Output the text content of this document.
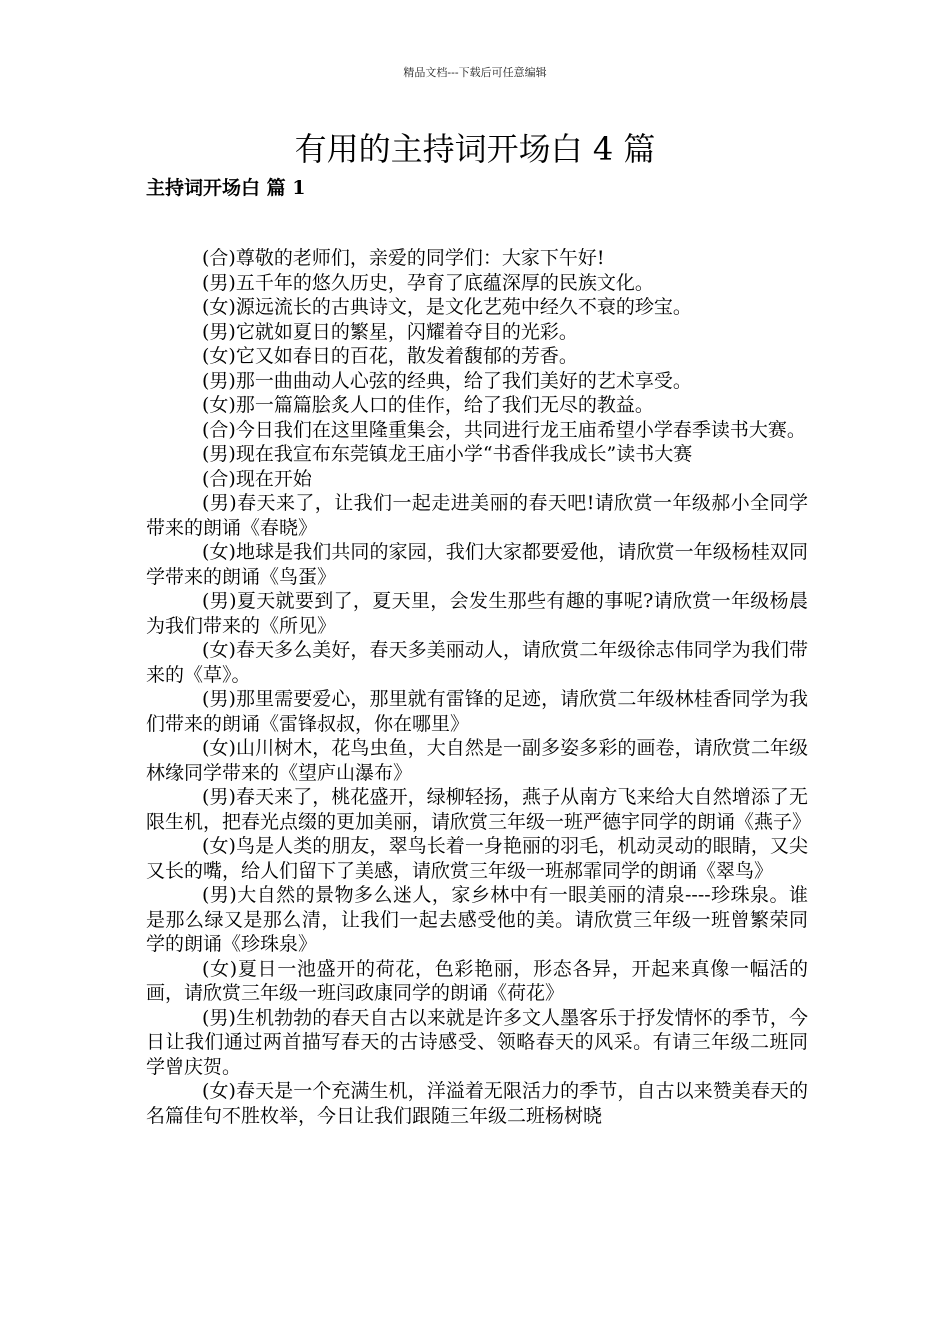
精品文档---下载后可任意编辑
有用的主持词开场白 4 篇
主持词开场白 篇 1

(合)尊敬的老师们，亲爱的同学们：大家下午好!

(男)五千年的悠久历史，孕育了底蕴深厚的民族文化。

(女)源远流长的古典诗文，是文化艺苑中经久不衰的珍宝。

(男)它就如夏日的繁星，闪耀着夺目的光彩。

(女)它又如春日的百花，散发着馥郁的芳香。

(男)那一曲曲动人心弦的经典，给了我们美好的艺术享受。

(女)那一篇篇脍炙人口的佳作，给了我们无尽的教益。

(合)今日我们在这里隆重集会，共同进行龙王庙希望小学春季读书大赛。

(男)现在我宣布东莞镇龙王庙小学“书香伴我成长”读书大赛

(合)现在开始

(男)春天来了，让我们一起走进美丽的春天吧!请欣赏一年级郝小全同学带来的朗诵《春晓》

(女)地球是我们共同的家园，我们大家都要爱他，请欣赏一年级杨桂双同学带来的朗诵《鸟蛋》

(男)夏天就要到了，夏天里，会发生那些有趣的事呢?请欣赏一年级杨晨为我们带来的《所见》

(女)春天多么美好，春天多美丽动人，请欣赏二年级徐志伟同学为我们带来的《草》。

(男)那里需要爱心，那里就有雷锋的足迹，请欣赏二年级林桂香同学为我们带来的朗诵《雷锋叔叔，你在哪里》

(女)山川树木，花鸟虫鱼，大自然是一副多姿多彩的画卷，请欣赏二年级林缘同学带来的《望庐山瀑布》

(男)春天来了，桃花盛开，绿柳轻扬，燕子从南方飞来给大自然增添了无限生机，把春光点缀的更加美丽，请欣赏三年级一班严德宇同学的朗诵《燕子》

(女)鸟是人类的朋友，翠鸟长着一身艳丽的羽毛，机动灵动的眼睛，又尖又长的嘴，给人们留下了美感，请欣赏三年级一班郝霏同学的朗诵《翠鸟》

(男)大自然的景物多么迷人，家乡林中有一眼美丽的清泉----珍珠泉。谁是那么绿又是那么清，让我们一起去感受他的美。请欣赏三年级一班曾繁荣同学的朗诵《珍珠泉》

(女)夏日一池盛开的荷花，色彩艳丽，形态各异，开起来真像一幅活的画，请欣赏三年级一班闫政康同学的朗诵《荷花》

(男)生机勃勃的春天自古以来就是许多文人墨客乐于抒发情怀的季节，今日让我们通过两首描写春天的古诗感受、领略春天的风采。有请三年级二班同学曾庆贺。

(女)春天是一个充满生机，洋溢着无限活力的季节，自古以来赞美春天的名篇佳句不胜枚举，今日让我们跟随三年级二班杨树晓
